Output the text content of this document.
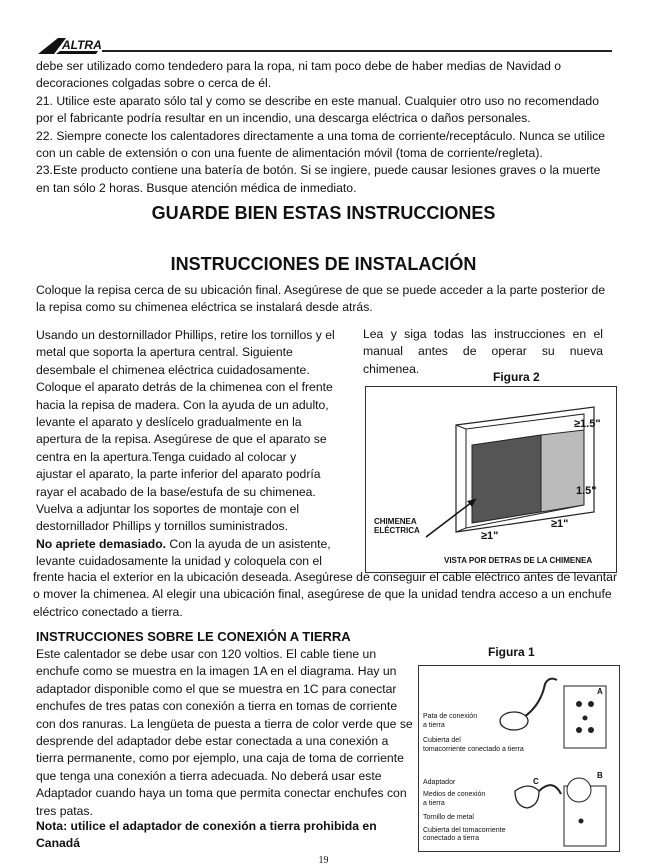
ALTRA

debe ser utilizado como tendedero para la ropa, ni tam poco debe de haber medias de Navidad o decoraciones colgadas sobre o cerca de él.

21. Utilice este aparato sólo tal y como se describe en este manual. Cualquier otro uso no recomendado por el fabricante podría resultar en un incendio, una descarga eléctrica o daños personales.

22. Siempre conecte los calentadores directamente a una toma de corriente/receptáculo. Nunca se utilice con un cable de extensión o con una fuente de alimentación móvil (toma de corriente/regleta).

23.Este producto contiene una batería de botón. Si se ingiere, puede causar lesiones graves o la muerte en tan sólo 2 horas. Busque atención médica de inmediato.

GUARDE BIEN ESTAS INSTRUCCIONES
INSTRUCCIONES DE INSTALACIÓN

Coloque la repisa cerca de su ubicación final. Asegúrese de que se puede acceder a la parte posterior de la repisa como su chimenea eléctrica se instalará desde atrás.

Usando un destornillador Phillips, retire los tornillos y el metal que soporta la apertura central. Siguiente desembale el chimenea eléctrica cuidadosamente. Coloque el aparato detrás de la chimenea con el frente hacia la repisa de madera. Con la ayuda de un adulto, levante el aparato y deslícelo gradualmente en la apertura de la repisa. Asegúrese de que el aparato se centra en la apertura.Tenga cuidado al colocar y ajustar el aparato, la parte inferior del aparato podría rayar el acabado de la base/estufa de su chimenea. Vuelva a adjuntar los soportes de montaje con el destornillador Phillips y tornillos suministrados.

No apriete demasiado. Con la ayuda de un asistente, levante cuidadosamente la unidad y coloquela con el

Lea y siga todas las instrucciones en el manual antes de operar su nueva chimenea.

Figura 2
CHIMENEA
ELÉCTRICA
≥1.5"
1.5"
≥1"
≥1"
VISTA POR DETRAS DE LA CHIMENEA

frente hacia el exterior en la ubicación deseada. Asegúrese de conseguir el cable eléctrico antes de levantar o mover la chimenea. Al elegir una ubicación final, asegúrese de que la unidad tendra acceso a un enchufe eléctrico conectado a tierra.

INSTRUCCIONES SOBRE LE CONEXIÓN A TIERRA

Este calentador se debe usar con 120 voltios. El cable tiene un enchufe como se muestra en la imagen 1A en el diagrama. Hay un adaptador disponible como el que se muestra en 1C para conectar enchufes de tres patas con conexión a tierra en tomas de corriente con dos ranuras. La lengüeta de puesta a tierra de color verde que se desprende del adaptador debe estar conectada a una conexión a tierra permanente, como por ejemplo, una caja de toma de corriente que tenga una conexión a tierra adecuada. No deberá usar este Adaptador cuando haya un toma que permita conectar enchufes con tres patas.

Nota: utilice el adaptador de conexión a tierra prohibida en Canadá

Figura 1
A
Pata de conexión
a tierra
Cubierta del
tomacorriente conectado a tierra
C
B
Adaptador
Medios de conexión
a tierra
Tornillo de metal
Cubierta del tomacorriente
conectado a tierra
19
